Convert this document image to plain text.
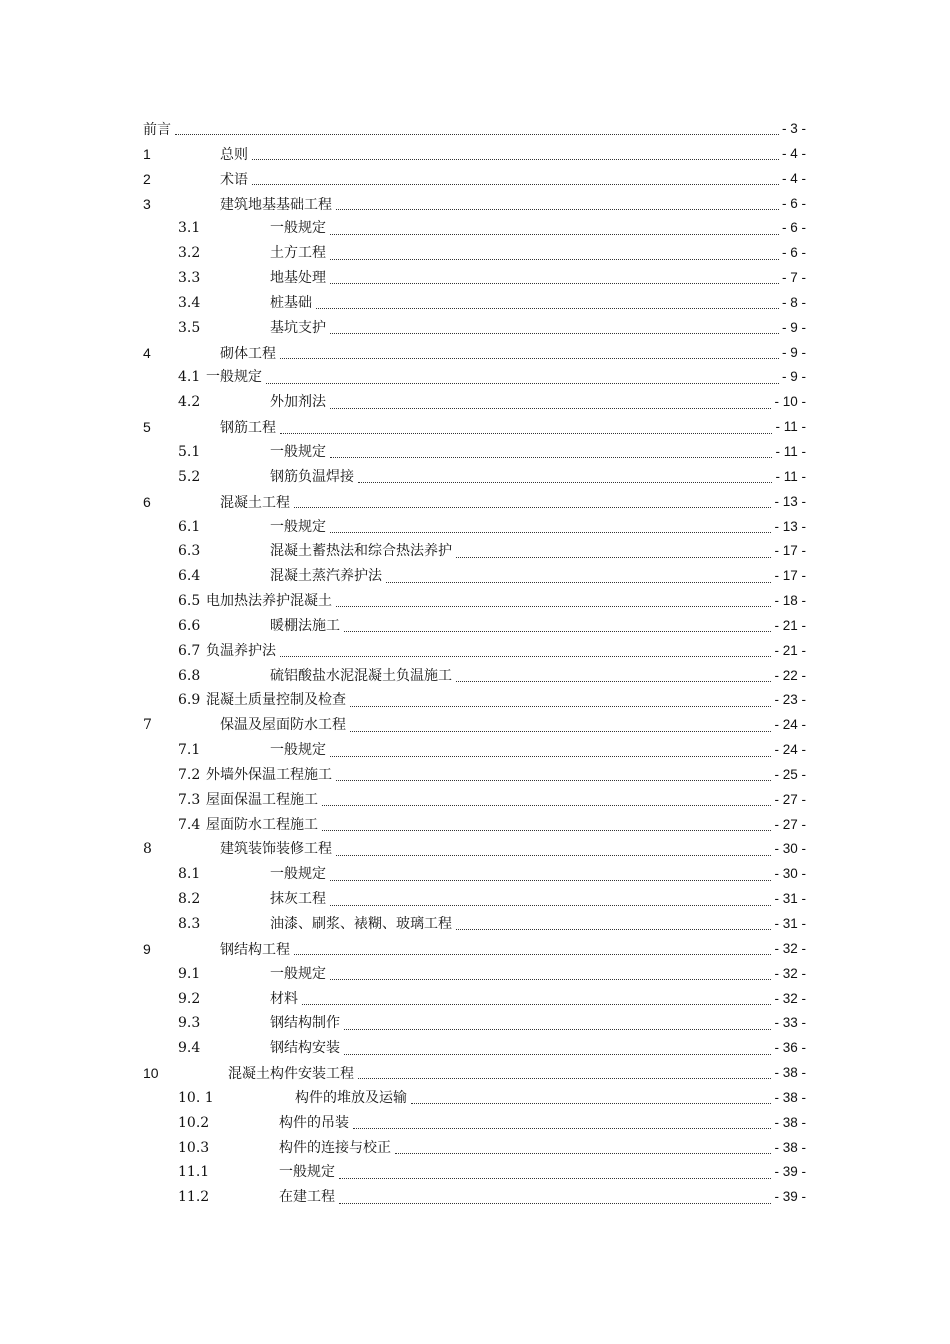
前言	- 3 -
1	总则	- 4 -
2	术语	- 4 -
3	建筑地基基础工程	- 6 -
3.1	一般规定	- 6 -
3.2	土方工程	- 6 -
3.3	地基处理	- 7 -
3.4	桩基础	- 8 -
3.5	基坑支护	- 9 -
4	砌体工程	- 9 -
4.1 一般规定	- 9 -
4.2	外加剂法	- 10 -
5	钢筋工程	- 11 -
5.1	一般规定	- 11 -
5.2	钢筋负温焊接	- 11 -
6	混凝土工程	- 13 -
6.1	一般规定	- 13 -
6.3	混凝土蓄热法和综合热法养护	- 17 -
6.4	混凝土蒸汽养护法	- 17 -
6.5 电加热法养护混凝土	- 18 -
6.6	暖棚法施工	- 21 -
6.7 负温养护法	- 21 -
6.8	硫铝酸盐水泥混凝土负温施工	- 22 -
6.9 混凝土质量控制及检查	- 23 -
7	保温及屋面防水工程	- 24 -
7.1	一般规定	- 24 -
7.2 外墙外保温工程施工	- 25 -
7.3 屋面保温工程施工	- 27 -
7.4 屋面防水工程施工	- 27 -
8	建筑装饰装修工程	- 30 -
8.1	一般规定	- 30 -
8.2	抹灰工程	- 31 -
8.3	油漆、刷浆、裱糊、玻璃工程	- 31 -
9	钢结构工程	- 32 -
9.1	一般规定	- 32 -
9.2	材料	- 32 -
9.3	钢结构制作	- 33 -
9.4	钢结构安装	- 36 -
10	混凝土构件安装工程	- 38 -
10. 1	构件的堆放及运输	- 38 -
10.2	构件的吊装	- 38 -
10.3	构件的连接与校正	- 38 -
11.1	一般规定	- 39 -
11.2	在建工程	- 39 -
